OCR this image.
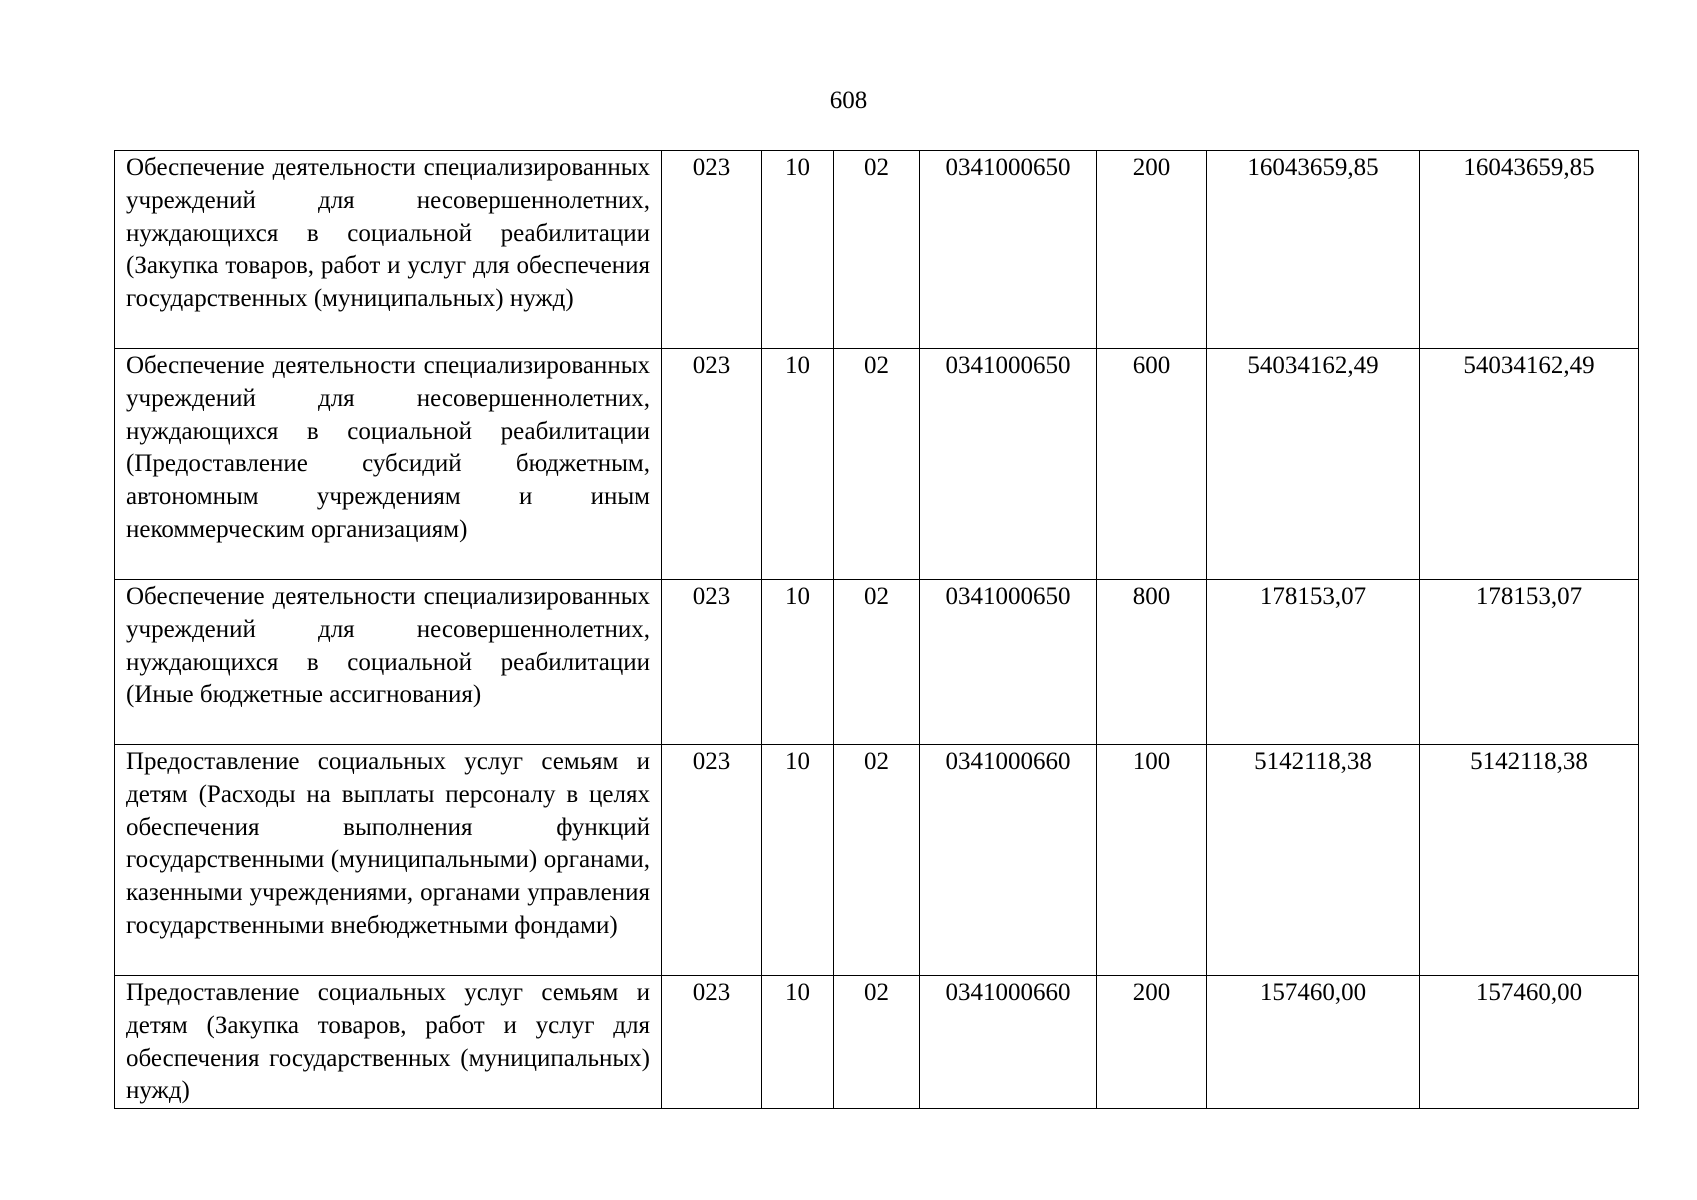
608
Обеспечение деятельности специализированных учреждений для несовершеннолетних, нуждающихся в социальной реабилитации (Закупка товаров, работ и услуг для обеспечения государственных (муниципальных) нужд)	023	10	02	0341000650	200	16043659,85	16043659,85
Обеспечение деятельности специализированных учреждений для несовершеннолетних, нуждающихся в социальной реабилитации (Предоставление субсидий бюджетным, автономным учреждениям и иным некоммерческим организациям)	023	10	02	0341000650	600	54034162,49	54034162,49
Обеспечение деятельности специализированных учреждений для несовершеннолетних, нуждающихся в социальной реабилитации (Иные бюджетные ассигнования)	023	10	02	0341000650	800	178153,07	178153,07
Предоставление социальных услуг семьям и детям (Расходы на выплаты персоналу в целях обеспечения выполнения функций государственными (муниципальными) органами, казенными учреждениями, органами управления государственными внебюджетными фондами)	023	10	02	0341000660	100	5142118,38	5142118,38
Предоставление социальных услуг семьям и детям (Закупка товаров, работ и услуг для обеспечения государственных (муниципальных) нужд)	023	10	02	0341000660	200	157460,00	157460,00
